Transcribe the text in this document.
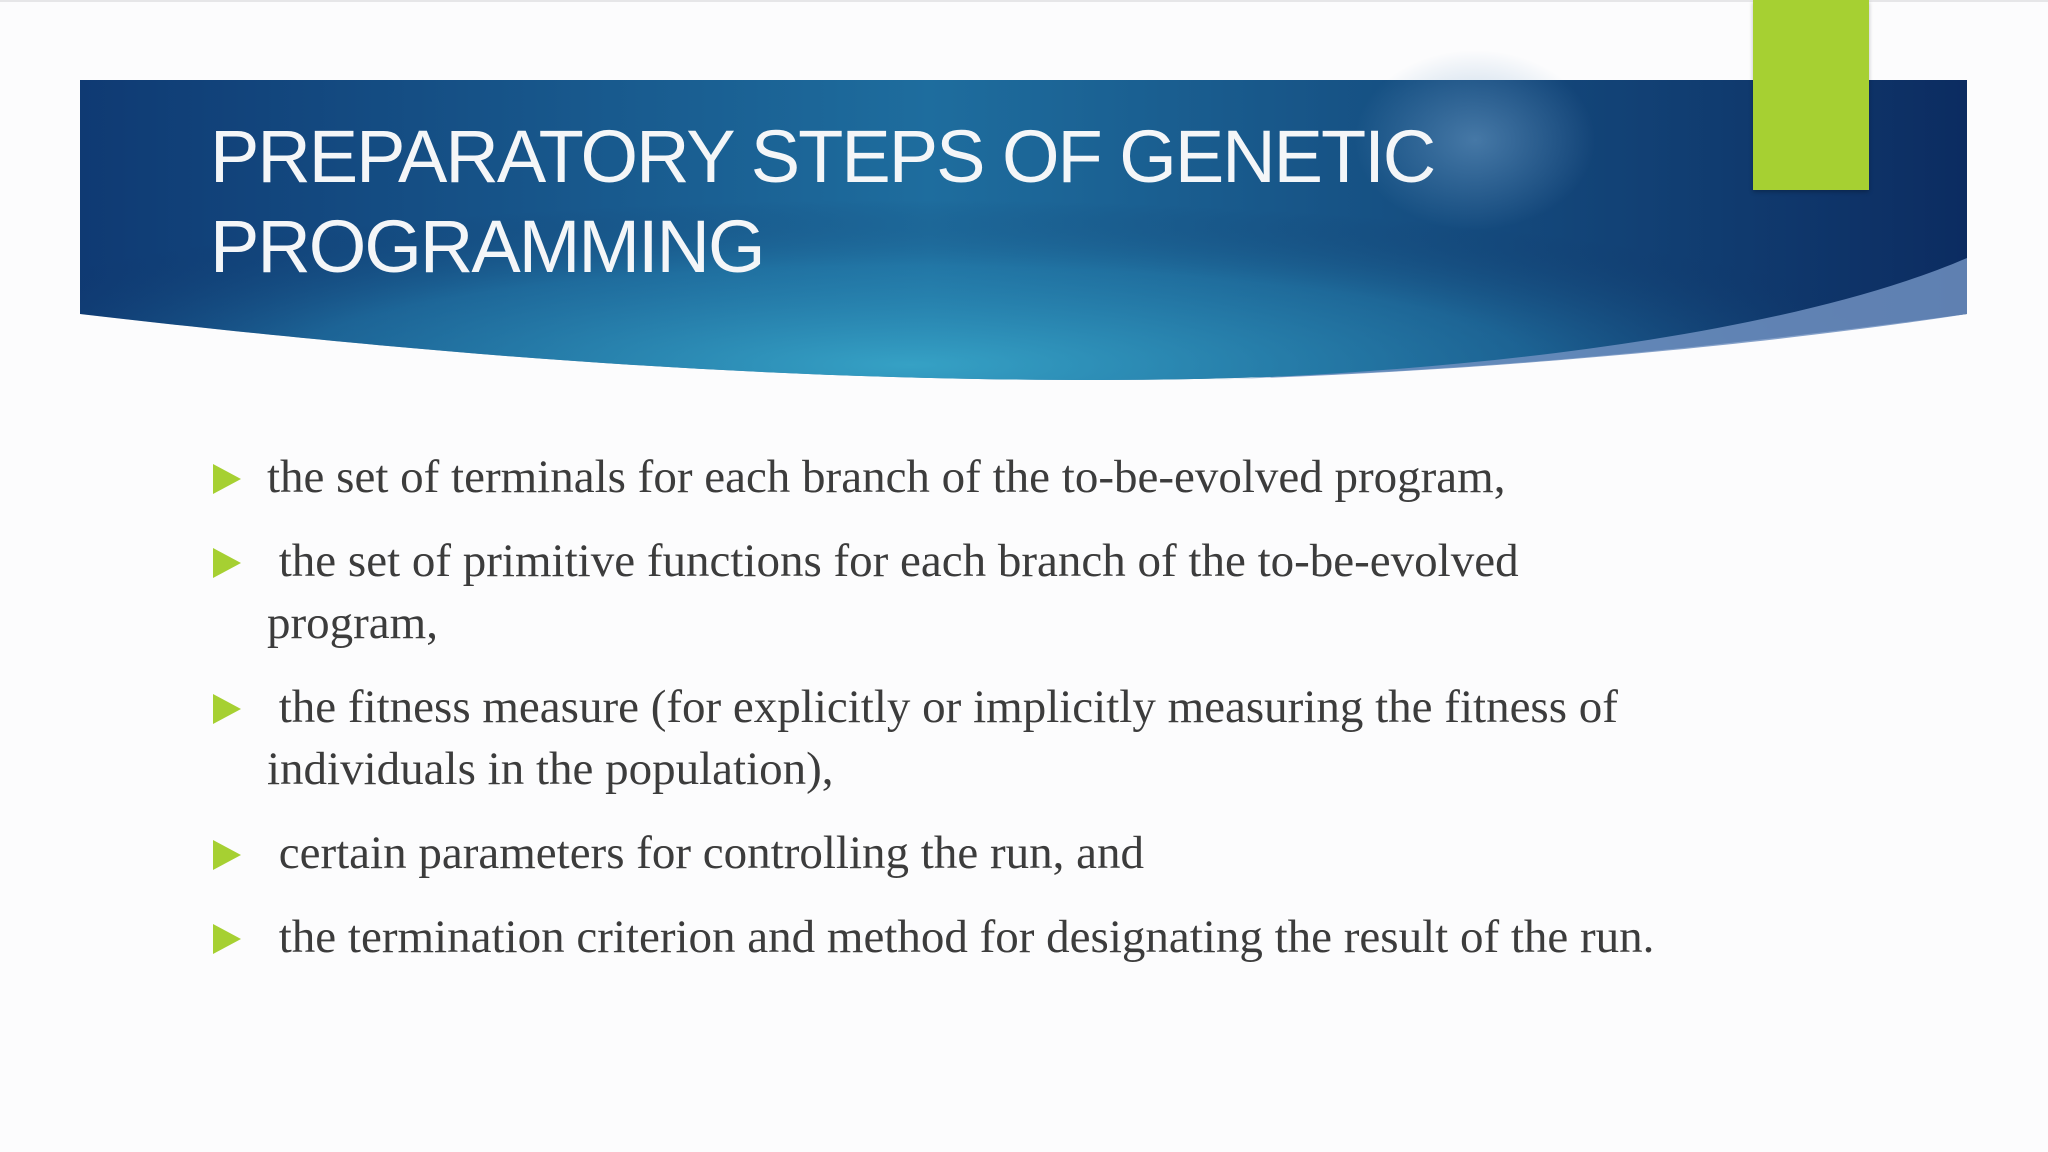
PREPARATORY STEPS OF GENETIC
PROGRAMMING
the set of terminals for each branch of the to-be-evolved program,
the set of primitive functions for each branch of the to-be-evolved program,
the fitness measure (for explicitly or implicitly measuring the fitness of    individuals in the population),
certain parameters for controlling the run, and
the termination criterion and method for designating the result of the run.
